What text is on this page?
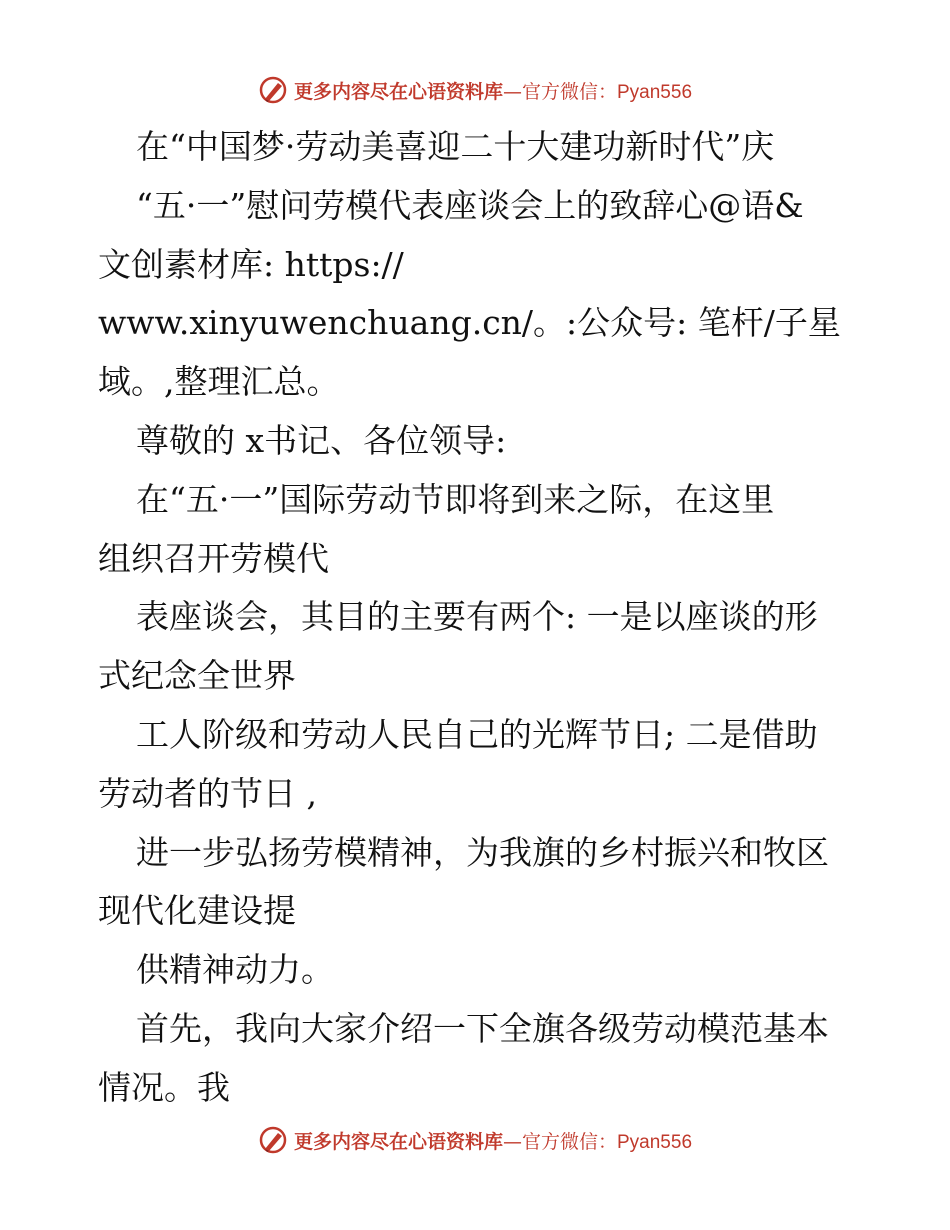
更多内容尽在心语资料库—官方微信：Pyan556
在“中国梦·劳动美喜迎二十大建功新时代”庆
“五·一”慰问劳模代表座谈会上的致辞心@语&
文创素材库: https://
www.xinyuwenchuang.cn/。:公众号: 笔杆/子星
域。,整理汇总。
尊敬的 x书记、各位领导:
在“五·一”国际劳动节即将到来之际，在这里
组织召开劳模代
表座谈会，其目的主要有两个: 一是以座谈的形
式纪念全世界
工人阶级和劳动人民自己的光辉节日; 二是借助
劳动者的节日 ,
进一步弘扬劳模精神，为我旗的乡村振兴和牧区
现代化建设提
供精神动力。
首先，我向大家介绍一下全旗各级劳动模范基本
情况。我
更多内容尽在心语资料库—官方微信：Pyan556
